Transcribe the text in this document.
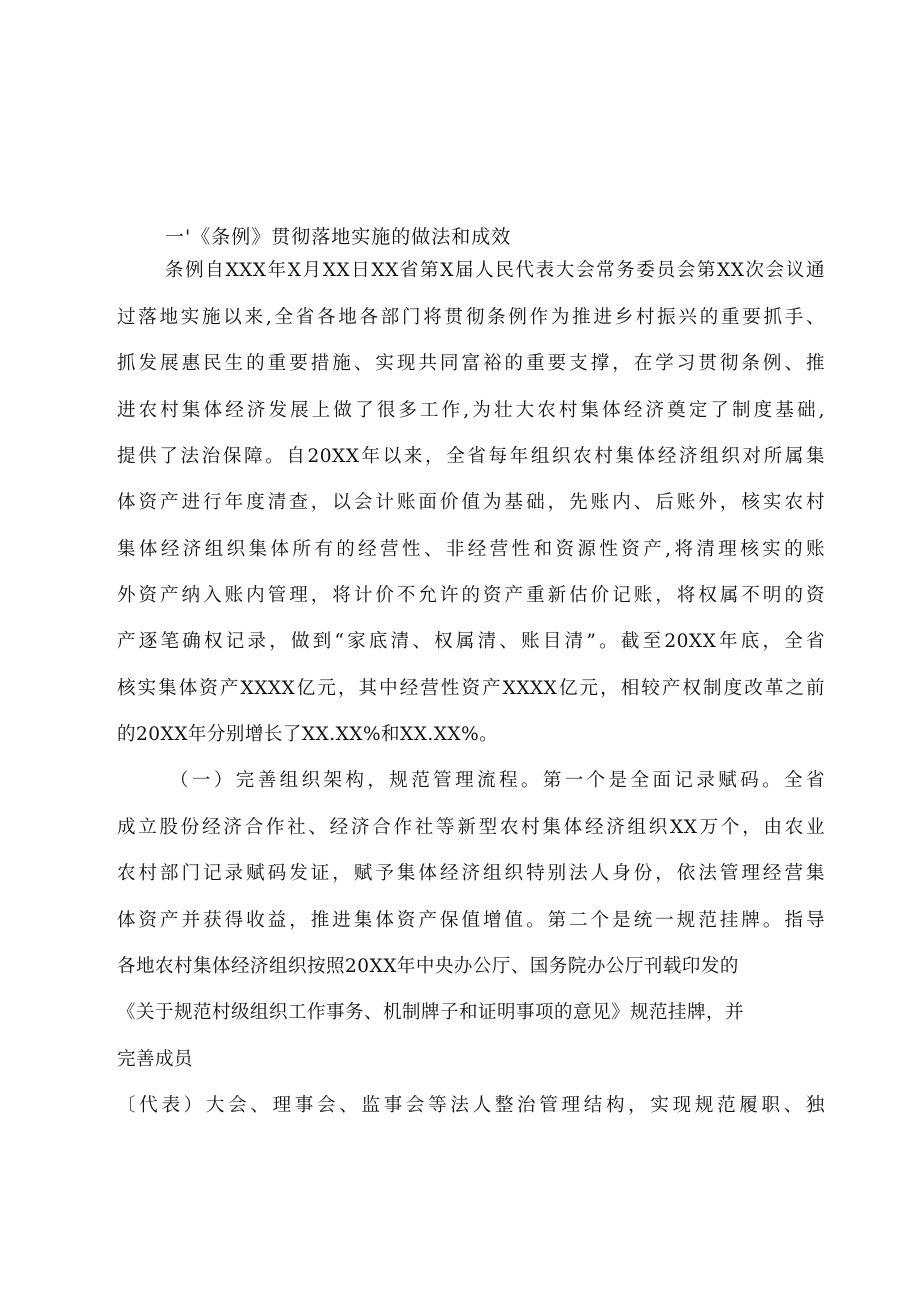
一'《条例》贯彻落地实施的做法和成效
条例自XXX年X月XX日XX省第X届人民代表大会常务委员会第XX次会议通
过落地实施以来,全省各地各部门将贯彻条例作为推进乡村振兴的重要抓手、
抓发展惠民生的重要措施、实现共同富裕的重要支撑，在学习贯彻条例、推
进农村集体经济发展上做了很多工作,为壮大农村集体经济奠定了制度基础,
提供了法治保障。自20XX年以来，全省每年组织农村集体经济组织对所属集
体资产进行年度清查，以会计账面价值为基础，先账内、后账外，核实农村
集体经济组织集体所有的经营性、非经营性和资源性资产,将清理核实的账
外资产纳入账内管理，将计价不允许的资产重新估价记账，将权属不明的资
产逐笔确权记录，做到“家底清、权属清、账目清”。截至20XX年底，全省
核实集体资产XXXX亿元，其中经营性资产XXXX亿元，相较产权制度改革之前
的20XX年分别增长了XX.XX%和XX.XX%。
（一）完善组织架构，规范管理流程。第一个是全面记录赋码。全省
成立股份经济合作社、经济合作社等新型农村集体经济组织XX万个，由农业
农村部门记录赋码发证，赋予集体经济组织特别法人身份，依法管理经营集
体资产并获得收益，推进集体资产保值增值。第二个是统一规范挂牌。指导
各地农村集体经济组织按照20XX年中央办公厅、国务院办公厅刊载印发的
《关于规范村级组织工作事务、机制牌子和证明事项的意见》规范挂牌，并
完善成员
〔代表）大会、理事会、监事会等法人整治管理结构，实现规范履职、独
